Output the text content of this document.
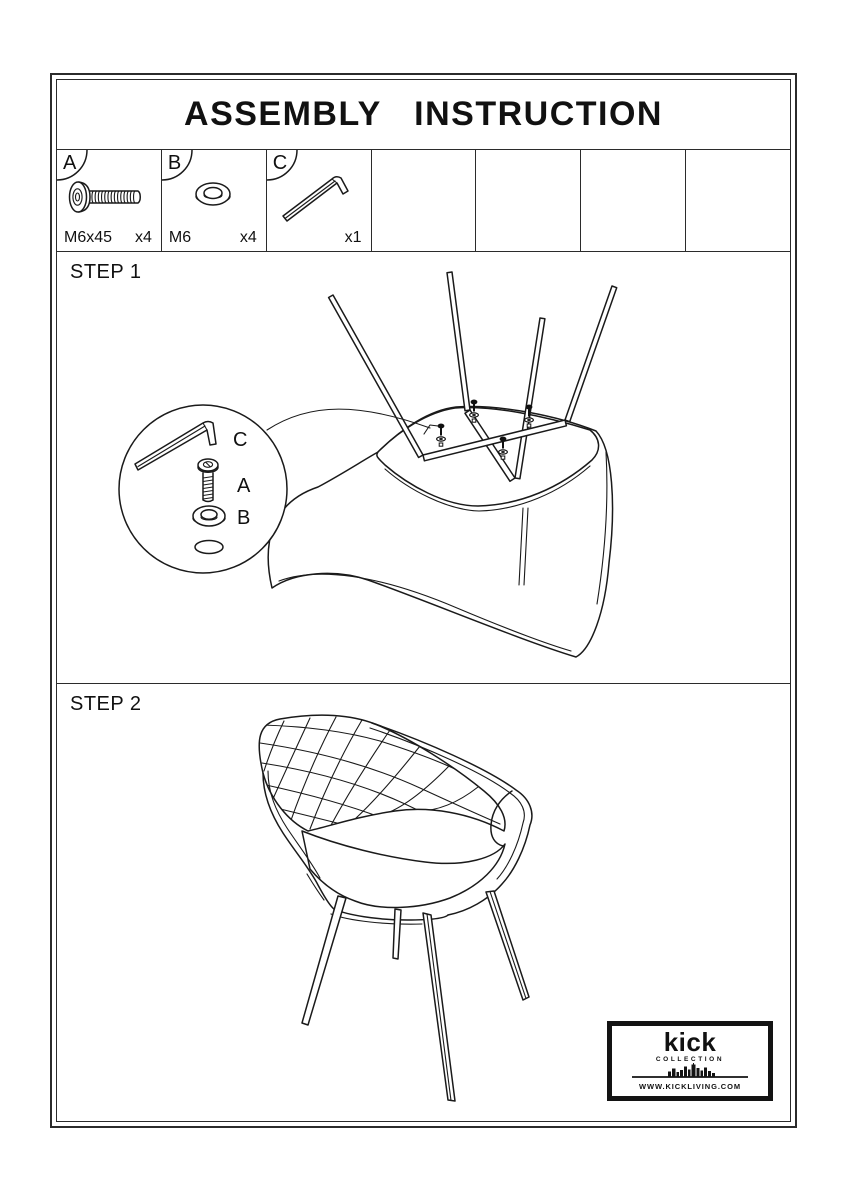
ASSEMBLY INSTRUCTION
A
M6x45 x4
B
M6	x4
C
x1
STEP 1
C
A
B
STEP 2
kick
COLLECTION
WWW.KICKLIVING.COM
